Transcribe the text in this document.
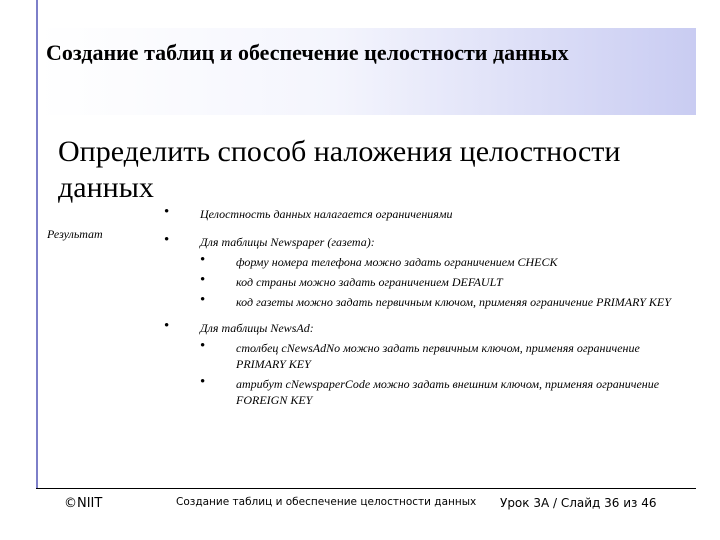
Создание таблиц и обеспечение целостности данных
Определить способ наложения целостности данных
Результат
•	Целостность данных налагается ограничениями
•	Для таблицы Newspaper (газета):
•	форму номера телефона можно задать ограничением CHECK
•	код страны можно задать ограничением DEFAULT
•	код газеты можно задать первичным ключом, применяя ограничение PRIMARY KEY
•	Для таблицы NewsAd:
•	столбец cNewsAdNo можно задать первичным ключом, применяя ограничение PRIMARY KEY
•	атрибут cNewspaperCode можно задать внешним ключом, применяя ограничение FOREIGN KEY
©NIIT	Создание таблиц и обеспечение целостности данных Урок 3А / Слайд 36 из 46
